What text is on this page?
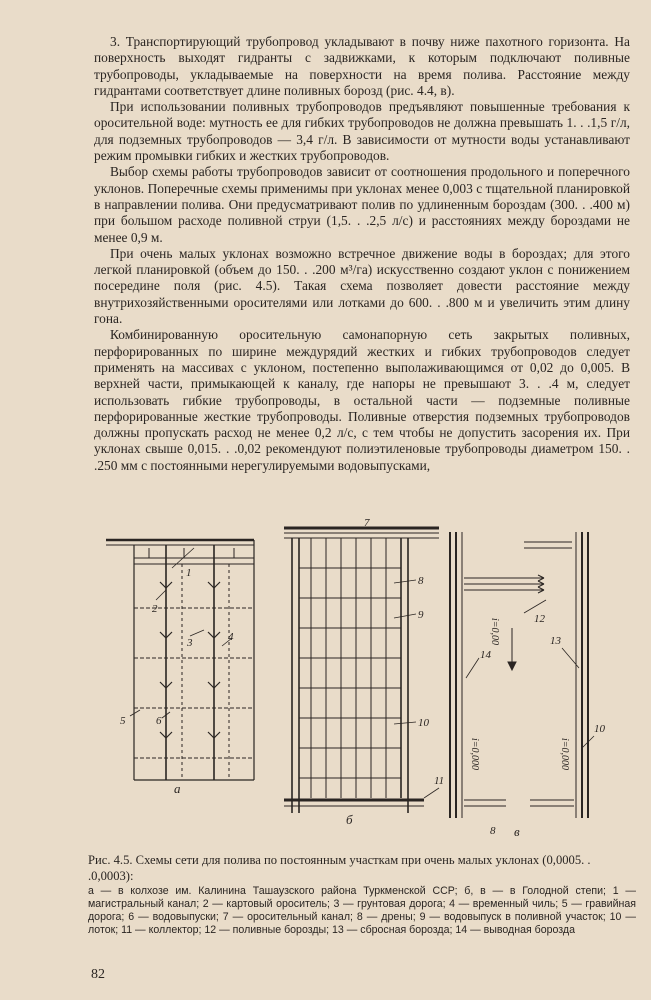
3. Транспортирующий трубопровод укладывают в почву ниже пахотного горизонта. На поверхность выходят гидранты с задвижками, к которым подключают поливные трубопроводы, укладываемые на поверхности на время полива. Расстояние между гидрантами соответствует длине поливных борозд (рис. 4.4, в).

При использовании поливных трубопроводов предъявляют повышенные требования к оросительной воде: мутность ее для гибких трубопроводов не должна превышать 1. . .1,5 г/л, для подземных трубопроводов — 3,4 г/л. В зависимости от мутности воды устанавливают режим промывки гибких и жестких трубопроводов.

Выбор схемы работы трубопроводов зависит от соотношения продольного и поперечного уклонов. Поперечные схемы применимы при уклонах менее 0,003 с тщательной планировкой в направлении полива. Они предусматривают полив по удлиненным бороздам (300. . .400 м) при большом расходе поливной струи (1,5. . .2,5 л/с) и расстояниях между бороздами не менее 0,9 м.

При очень малых уклонах возможно встречное движение воды в бороздах; для этого легкой планировкой (объем до 150. . .200 м³/га) искусственно создают уклон с понижением посередине поля (рис. 4.5). Такая схема позволяет довести расстояние между внутрихозяйственными оросителями или лотками до 600. . .800 м и увеличить этим длину гона.

Комбинированную оросительную самонапорную сеть закрытых поливных, перфорированных по ширине междурядий жестких и гибких трубопроводов следует применять на массивах с уклоном, постепенно выполаживающимся от 0,02 до 0,005. В верхней части, примыкающей к каналу, где напоры не превышают 3. . .4 м, следует использовать гибкие трубопроводы, в остальной части — подземные поливные перфорированные жесткие трубопроводы. Поливные отверстия подземных трубопроводов должны пропускать расход не менее 0,2 л/с, с тем чтобы не допустить засорения их. При уклонах свыше 0,015. . .0,02 рекомендуют полиэтиленовые трубопроводы диаметром 150. . .250 мм с постоянными нерегулируемыми водовыпусками,

1
2
3	4
5	6
7
8
9
10
11
12
13
14
10
8
а
б
в
i=0,00
i=0,000	i=0,000

Рис. 4.5. Схемы сети для полива по постоянным участкам при очень малых уклонах (0,0005. . .0,0003):

а — в колхозе им. Калинина Ташаузского района Туркменской ССР; б, в — в Голодной степи; 1 — магистральный канал; 2 — картовый ороситель; 3 — грунтовая дорога; 4 — временный чиль; 5 — гравийная дорога; 6 — водовыпуски; 7 — оросительный канал; 8 — дрены; 9 — водовыпуск в поливной участок; 10 — лоток; 11 — коллектор; 12 — поливные борозды; 13 — сбросная борозда; 14 — выводная борозда

82
